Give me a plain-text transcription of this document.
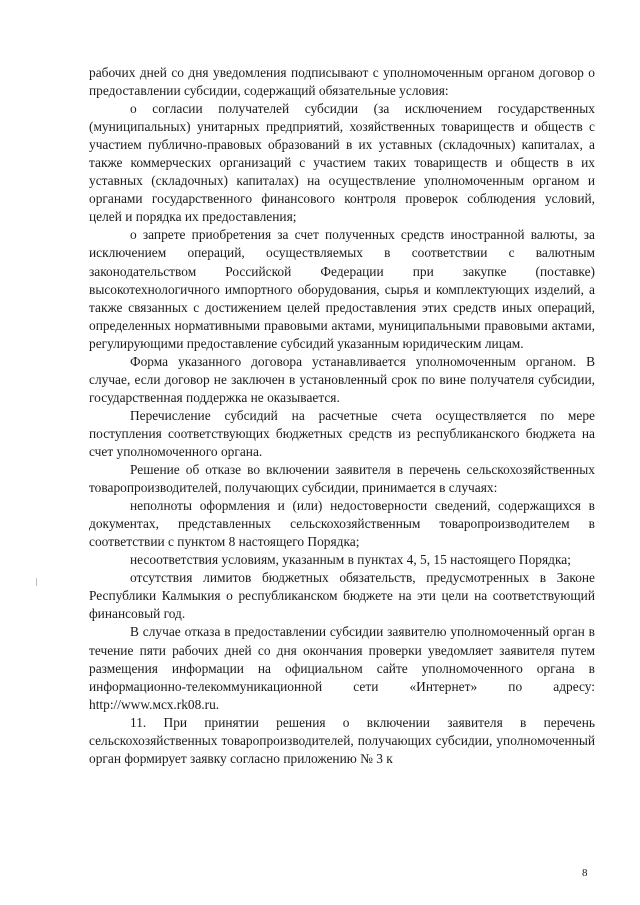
рабочих дней со дня уведомления подписывают с уполномоченным органом договор о предоставлении субсидии, содержащий обязательные условия:

о согласии получателей субсидии (за исключением государственных (муниципальных) унитарных предприятий, хозяйственных товариществ и обществ с участием публично-правовых образований в их уставных (складочных) капиталах, а также коммерческих организаций с участием таких товариществ и обществ в их уставных (складочных) капиталах) на осуществление уполномоченным органом и органами государственного финансового контроля проверок соблюдения условий, целей и порядка их предоставления;

о запрете приобретения за счет полученных средств иностранной валюты, за исключением операций, осуществляемых в соответствии с валютным законодательством Российской Федерации при закупке (поставке) высокотехнологичного импортного оборудования, сырья и комплектующих изделий, а также связанных с достижением целей предоставления этих средств иных операций, определенных нормативными правовыми актами, муниципальными правовыми актами, регулирующими предоставление субсидий указанным юридическим лицам.

Форма указанного договора устанавливается уполномоченным органом. В случае, если договор не заключен в установленный срок по вине получателя субсидии, государственная поддержка не оказывается.

Перечисление субсидий на расчетные счета осуществляется по мере поступления соответствующих бюджетных средств из республиканского бюджета на счет уполномоченного органа.

Решение об отказе во включении заявителя в перечень сельскохозяйственных товаропроизводителей, получающих субсидии, принимается в случаях:

неполноты оформления и (или) недостоверности сведений, содержащихся в документах, представленных сельскохозяйственным товаропроизводителем в соответствии с пунктом 8 настоящего Порядка;

несоответствия условиям, указанным в пунктах 4, 5, 15 настоящего Порядка;

отсутствия лимитов бюджетных обязательств, предусмотренных в Законе Республики Калмыкия о республиканском бюджете на эти цели на соответствующий финансовый год.

В случае отказа в предоставлении субсидии заявителю уполномоченный орган в течение пяти рабочих дней со дня окончания проверки уведомляет заявителя путем размещения информации на официальном сайте уполномоченного органа в информационно-телекоммуникационной сети «Интернет» по адресу: http://www.мсх.rk08.ru.

11. При принятии решения о включении заявителя в перечень сельскохозяйственных товаропроизводителей, получающих субсидии, уполномоченный орган формирует заявку согласно приложению № 3 к

8
